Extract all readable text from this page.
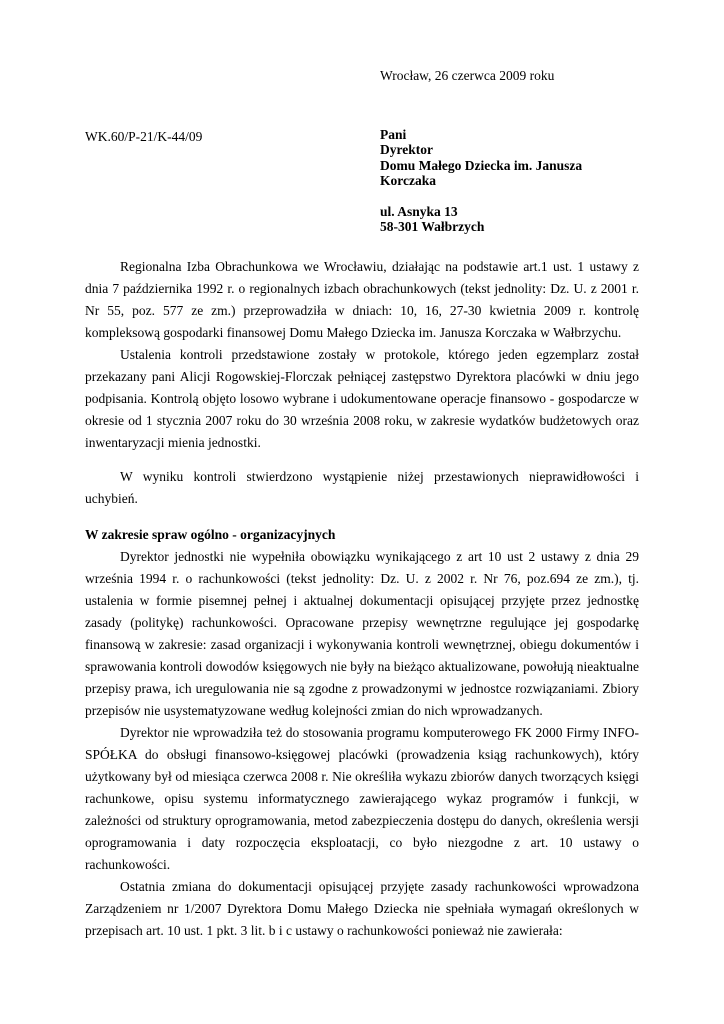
Wrocław, 26 czerwca 2009 roku
WK.60/P-21/K-44/09	Pani
Dyrektor
Domu Małego Dziecka im. Janusza
Korczaka
ul. Asnyka 13
58-301 Wałbrzych

Regionalna Izba Obrachunkowa we Wrocławiu, działając na podstawie art.1 ust. 1 ustawy z dnia 7 października 1992 r. o regionalnych izbach obrachunkowych (tekst jednolity: Dz. U. z 2001 r. Nr 55, poz. 577 ze zm.) przeprowadziła w dniach: 10, 16, 27-30 kwietnia 2009 r. kontrolę kompleksową gospodarki finansowej Domu Małego Dziecka im. Janusza Korczaka w Wałbrzychu.

Ustalenia kontroli przedstawione zostały w protokole, którego jeden egzemplarz został przekazany pani Alicji Rogowskiej-Florczak pełniącej zastępstwo Dyrektora placówki w dniu jego podpisania. Kontrolą objęto losowo wybrane i udokumentowane operacje finansowo - gospodarcze w okresie od 1 stycznia 2007 roku do 30 września 2008 roku, w zakresie wydatków budżetowych oraz inwentaryzacji mienia jednostki.

W wyniku kontroli stwierdzono wystąpienie niżej przestawionych nieprawidłowości i uchybień.

W zakresie spraw ogólno - organizacyjnych

Dyrektor jednostki nie wypełniła obowiązku wynikającego z art 10 ust 2 ustawy z dnia 29 września 1994 r. o rachunkowości (tekst jednolity: Dz. U. z 2002 r. Nr 76, poz.694 ze zm.), tj. ustalenia w formie pisemnej pełnej i aktualnej dokumentacji opisującej przyjęte przez jednostkę zasady (politykę) rachunkowości. Opracowane przepisy wewnętrzne regulujące jej gospodarkę finansową w zakresie: zasad organizacji i wykonywania kontroli wewnętrznej, obiegu dokumentów i sprawowania kontroli dowodów księgowych nie były na bieżąco aktualizowane, powołują nieaktualne przepisy prawa, ich uregulowania nie są zgodne z prowadzonymi w jednostce rozwiązaniami. Zbiory przepisów nie usystematyzowane według kolejności zmian do nich wprowadzanych.

Dyrektor nie wprowadziła też do stosowania programu komputerowego FK 2000 Firmy INFO-SPÓŁKA do obsługi finansowo-księgowej placówki (prowadzenia ksiąg rachunkowych), który użytkowany był od miesiąca czerwca 2008 r. Nie określiła wykazu zbiorów danych tworzących księgi rachunkowe, opisu systemu informatycznego zawierającego wykaz programów i funkcji, w zależności od struktury oprogramowania, metod zabezpieczenia dostępu do danych, określenia wersji oprogramowania i daty rozpoczęcia eksploatacji, co było niezgodne z art. 10 ustawy o rachunkowości.

Ostatnia zmiana do dokumentacji opisującej przyjęte zasady rachunkowości wprowadzona Zarządzeniem nr 1/2007 Dyrektora Domu Małego Dziecka nie spełniała wymagań określonych w przepisach art. 10 ust. 1 pkt. 3 lit. b i c ustawy o rachunkowości ponieważ nie zawierała:
